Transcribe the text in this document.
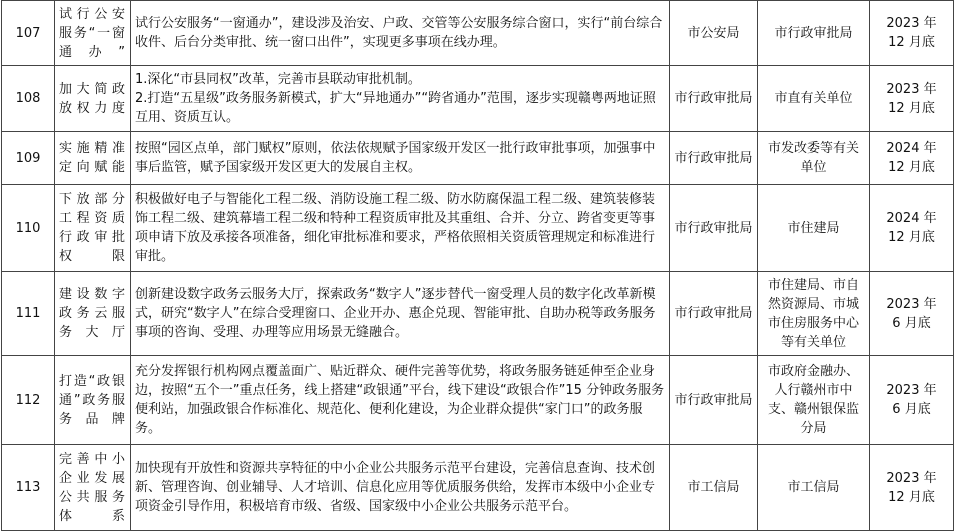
107	试行公安服务“一窗通办”	试行公安服务“一窗通办”，建设涉及治安、户政、交管等公安服务综合窗口，实行“前台综合收件、后台分类审批、统一窗口出件”，实现更多事项在线办理。	市公安局	市行政审批局	2023 年
12 月底

108	加大简政放权力度	1.深化“市县同权”改革，完善市县联动审批机制。
2.打造“五星级”政务服务新模式，扩大“异地通办”“跨省通办”范围，逐步实现赣粤两地证照互用、资质互认。	市行政审批局	市直有关单位	2023 年
12 月底

109	实施精准定向赋能	按照“园区点单，部门赋权”原则，依法依规赋予国家级开发区一批行政审批事项，加强事中事后监管，赋予国家级开发区更大的发展自主权。	市行政审批局	市发改委等有关单位	2024 年
12 月底

110	下放部分工程资质行政审批权限	积极做好电子与智能化工程二级、消防设施工程二级、防水防腐保温工程二级、建筑装修装饰工程二级、建筑幕墙工程二级和特种工程资质审批及其重组、合并、分立、跨省变更等事项申请下放及承接各项准备，细化审批标准和要求，严格依照相关资质管理规定和标准进行审批。	市行政审批局	市住建局	2024 年
12 月底

111	建设数字政务云服务大厅	创新建设数字政务云服务大厅，探索政务“数字人”逐步替代一窗受理人员的数字化改革新模式，研究“数字人”在综合受理窗口、企业开办、惠企兑现、智能审批、自助办税等政务服务事项的咨询、受理、办理等应用场景无缝融合。	市行政审批局	市住建局、市自然资源局、市城市住房服务中心等有关单位	2023 年
6 月底

112	打造“政银通”政务服务品牌	充分发挥银行机构网点覆盖面广、贴近群众、硬件完善等优势，将政务服务链延伸至企业身边，按照“五个一”重点任务，线上搭建“政银通”平台，线下建设“政银合作”15 分钟政务服务便利站，加强政银合作标准化、规范化、便利化建设，为企业群众提供“家门口”的政务服务。	市行政审批局	市政府金融办、人行赣州市中支、赣州银保监分局	2023 年
6 月底

113	完善中小企业发展公共服务体系	加快现有开放性和资源共享特征的中小企业公共服务示范平台建设，完善信息查询、技术创新、管理咨询、创业辅导、人才培训、信息化应用等优质服务供给，发挥市本级中小企业专项资金引导作用，积极培育市级、省级、国家级中小企业公共服务示范平台。	市工信局	市工信局	2023 年
12 月底
